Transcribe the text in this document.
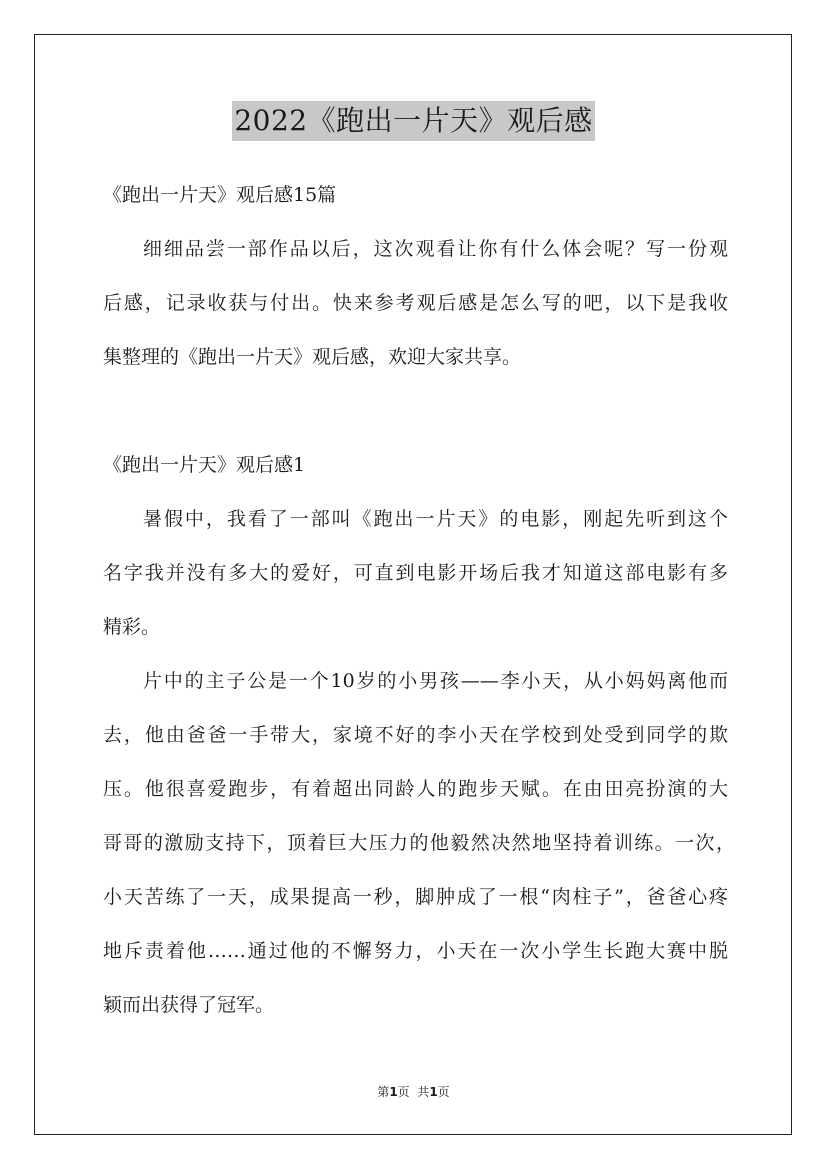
2022《跑出一片天》观后感
《跑出一片天》观后感15篇
细细品尝一部作品以后，这次观看让你有什么体会呢？写一份观
后感，记录收获与付出。快来参考观后感是怎么写的吧，以下是我收
集整理的《跑出一片天》观后感，欢迎大家共享。
《跑出一片天》观后感1
暑假中，我看了一部叫《跑出一片天》的电影，刚起先听到这个
名字我并没有多大的爱好，可直到电影开场后我才知道这部电影有多
精彩。
片中的主子公是一个10岁的小男孩——李小天，从小妈妈离他而
去，他由爸爸一手带大，家境不好的李小天在学校到处受到同学的欺
压。他很喜爱跑步，有着超出同龄人的跑步天赋。在由田亮扮演的大
哥哥的激励支持下，顶着巨大压力的他毅然决然地坚持着训练。一次，
小天苦练了一天，成果提高一秒，脚肿成了一根“肉柱子”，爸爸心疼
地斥责着他……通过他的不懈努力，小天在一次小学生长跑大赛中脱
颖而出获得了冠军。
第1页  共1页
